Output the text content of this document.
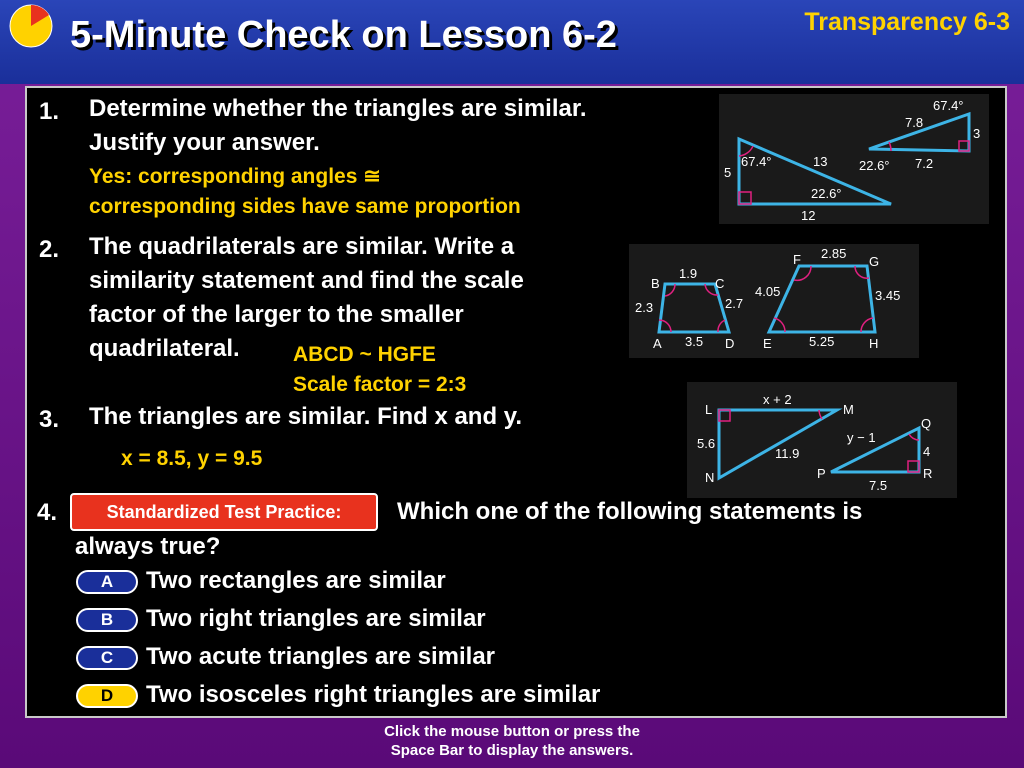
5-Minute Check on Lesson 6-2	Transparency 6-3
1. Determine whether the triangles are similar.
Justify your answer.
Yes: corresponding angles ≅
corresponding sides have same proportion
67.4°
7.8
3
22.6° 7.2
5
67.4°	13
22.6°
12
2. The quadrilaterals are similar. Write a
similarity statement and find the scale
factor of the larger to the smaller
quadrilateral.	ABCD ~ HGFE
Scale factor = 2:3
B
1.9
C
2.3	2.7
A 3.5 D
F 2.85
G
4.05	3.45
E	5.25	H
3. The triangles are similar. Find x and y.
x = 8.5, y = 9.5
L
x + 2
M
5.6
11.9
N
Q
y − 1
4
P	R
7.5
4.	Standardized Test Practice:	Which one of the following statements is
always true?
A	Two rectangles are similar
B	Two right triangles are similar
C	Two acute triangles are similar
D	Two isosceles right triangles are similar
Click the mouse button or press the
Space Bar to display the answers.
